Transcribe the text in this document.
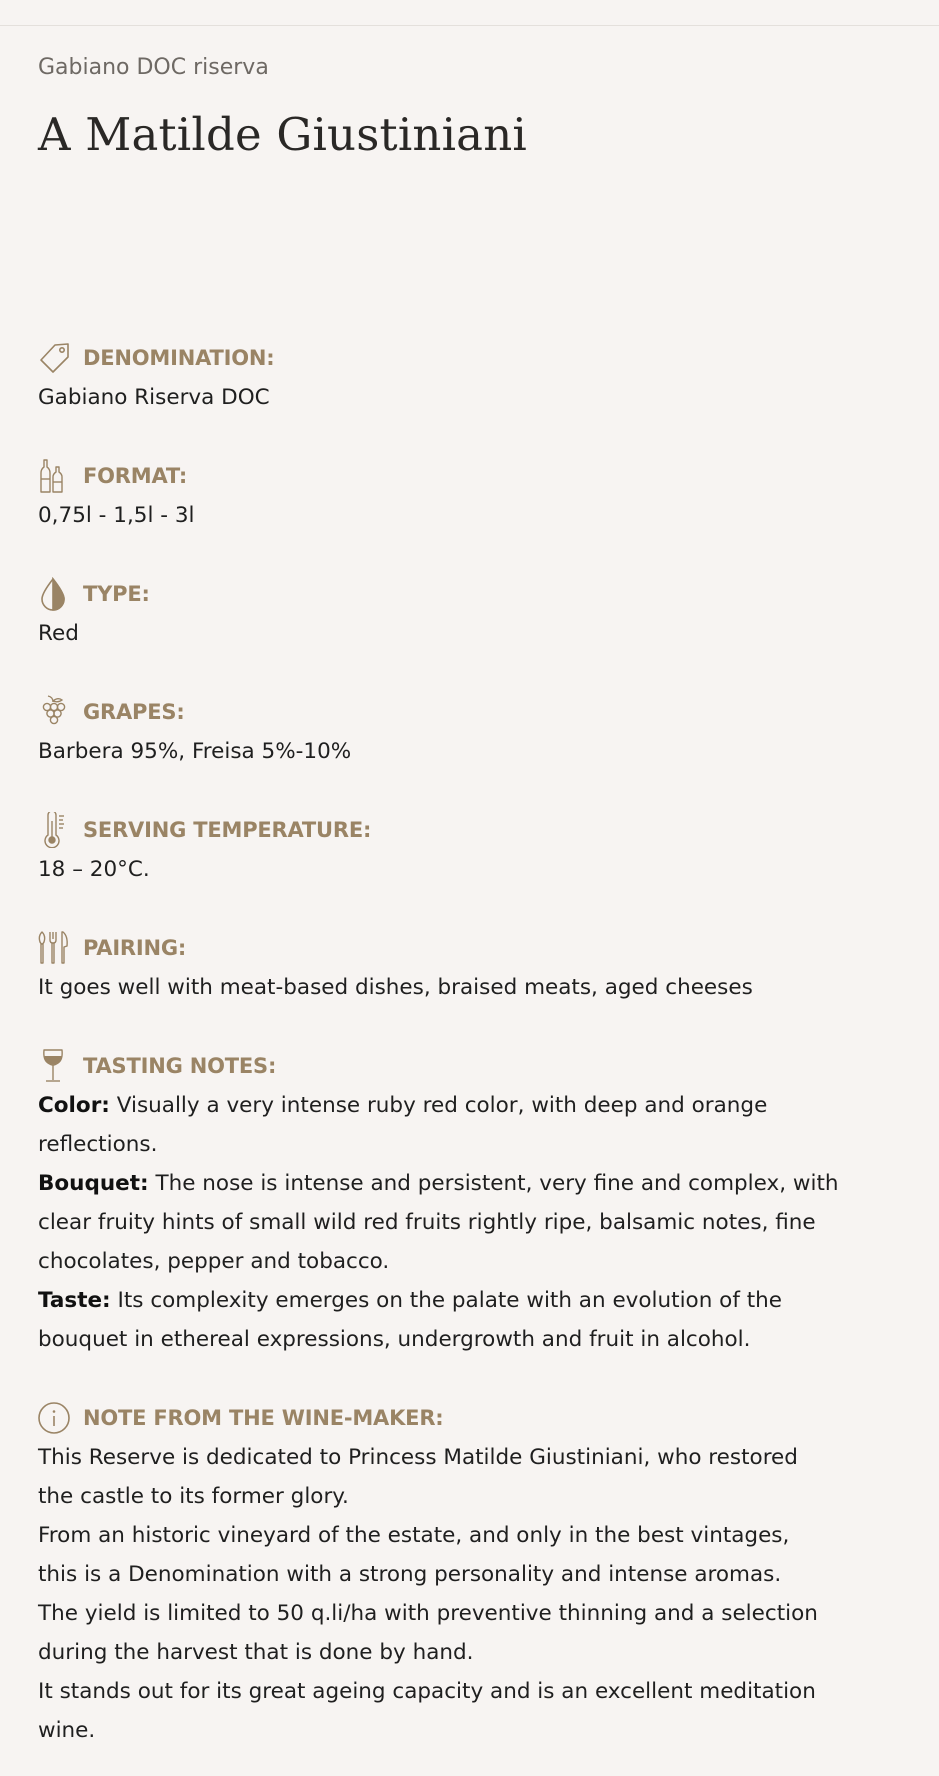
Gabiano DOC riserva
A Matilde Giustiniani
DENOMINATION:
Gabiano Riserva DOC
FORMAT:
0,75l - 1,5l - 3l
TYPE:
Red
GRAPES:
Barbera 95%, Freisa 5%-10%
SERVING TEMPERATURE:
18 – 20°C.
PAIRING:
It goes well with meat-based dishes, braised meats, aged cheeses
TASTING NOTES:
Color: Visually a very intense ruby red color, with deep and orange
reflections.
Bouquet: The nose is intense and persistent, very fine and complex, with
clear fruity hints of small wild red fruits rightly ripe, balsamic notes, fine
chocolates, pepper and tobacco.
Taste: Its complexity emerges on the palate with an evolution of the
bouquet in ethereal expressions, undergrowth and fruit in alcohol.
NOTE FROM THE WINE-MAKER:
This Reserve is dedicated to Princess Matilde Giustiniani, who restored
the castle to its former glory.
From an historic vineyard of the estate, and only in the best vintages,
this is a Denomination with a strong personality and intense aromas.
The yield is limited to 50 q.li/ha with preventive thinning and a selection
during the harvest that is done by hand.
It stands out for its great ageing capacity and is an excellent meditation
wine.
